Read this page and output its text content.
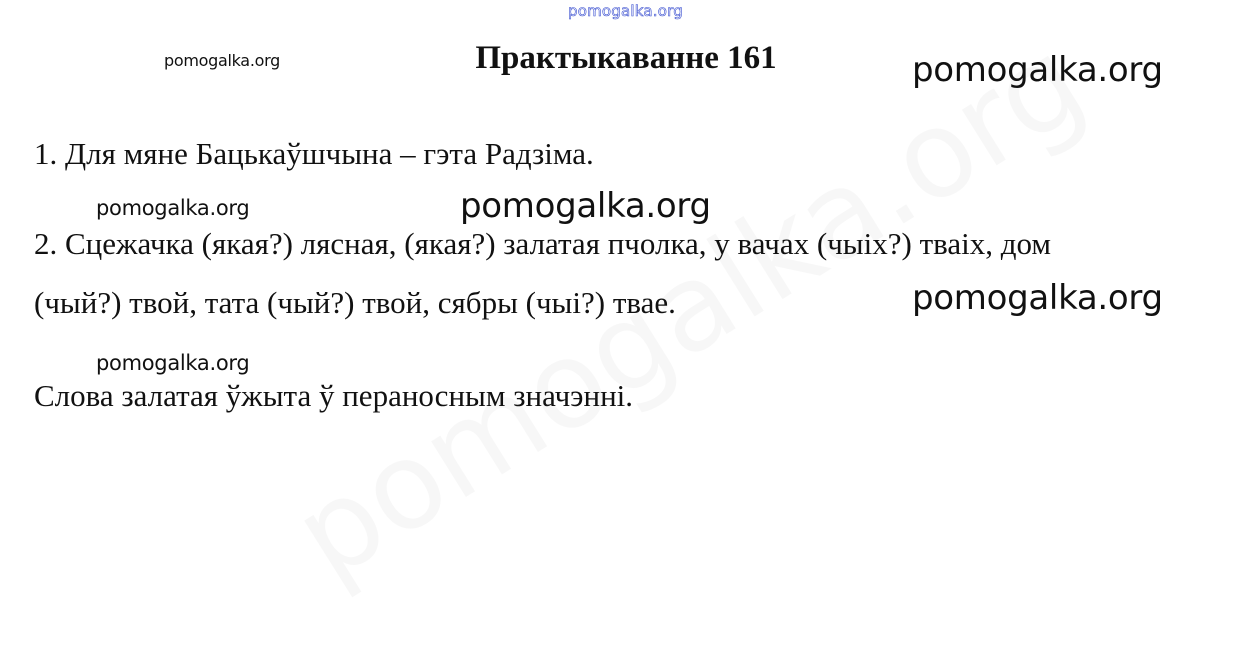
pomogalka.org
pomogalka.org	Практыкаванне 161	pomogalka.org
1. Для мяне Бацькаўшчына – гэта Радзіма.
pomogalka.org	pomogalka.org
2. Сцежачка (якая?) лясная, (якая?) залатая пчолка, у вачах (чыіх?) тваіх, дом
pomogalka.org
(чый?) твой, тата (чый?) твой, сябры (чыі?) тваe.
pomogalka.org
Слова залатая ўжыта ў пераносным значэнні.
